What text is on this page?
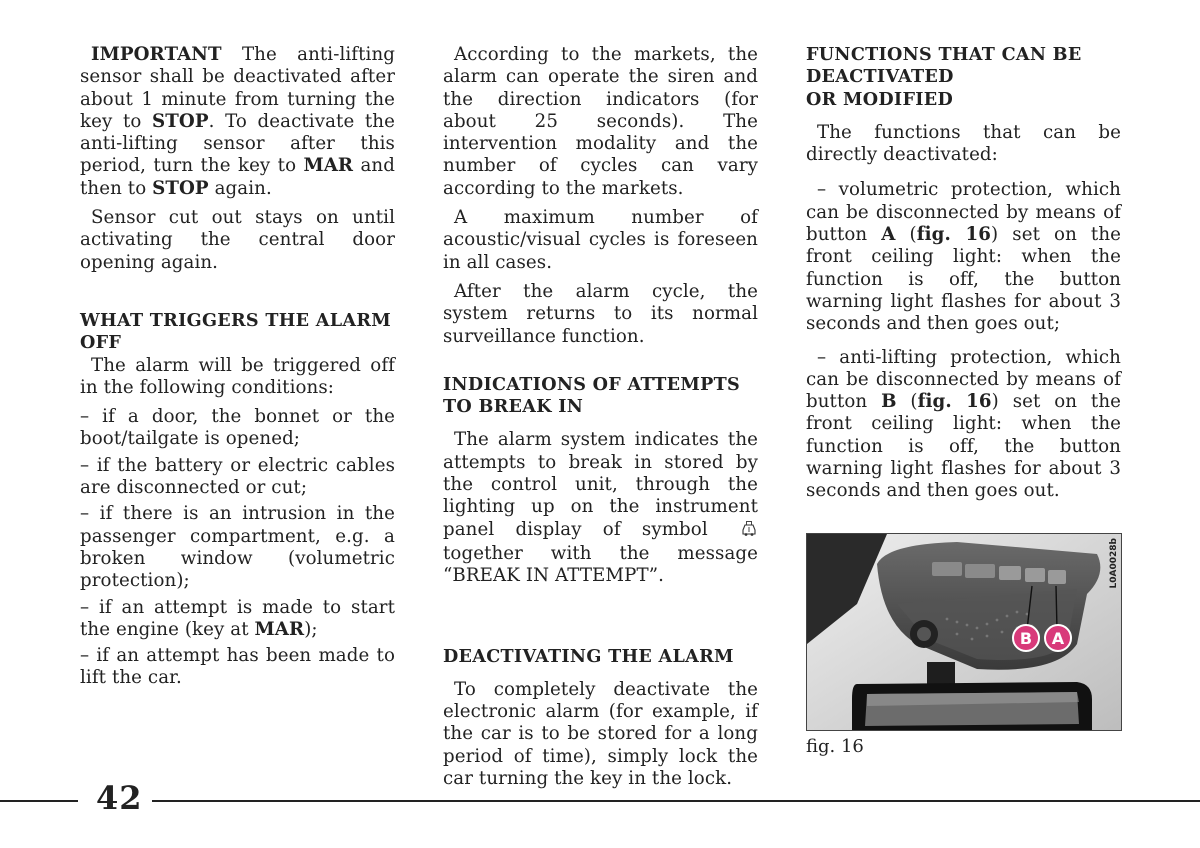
IMPORTANT The anti-lifting sensor shall be deactivated after about 1 minute from turning the key to STOP. To deactivate the anti-lifting sensor after this period, turn the key to MAR and then to STOP again.

Sensor cut out stays on until activating the central door opening again.

WHAT TRIGGERS THE ALARM
OFF

The alarm will be triggered off in the following conditions:

– if a door, the bonnet or the boot/tailgate is opened;

– if the battery or electric cables are disconnected or cut;

– if there is an intrusion in the passenger compartment, e.g. a broken window (volumetric protection);

– if an attempt is made to start the engine (key at MAR);

– if an attempt has been made to lift the car.

According to the markets, the alarm can operate the siren and the direction indicators (for about 25 seconds). The intervention modality and the number of cycles can vary according to the markets.

A maximum number of acoustic/visual cycles is foreseen in all cases.

After the alarm cycle, the system returns to its normal surveillance function.

INDICATIONS OF ATTEMPTS
TO BREAK IN

The alarm system indicates the attempts to break in stored by the control unit, through the lighting up on the instrument panel display of symbol  together with the message “BREAK IN ATTEMPT”.

DEACTIVATING THE ALARM

To completely deactivate the electronic alarm (for example, if the car is to be stored for a long period of time), simply lock the car turning the key in the lock.

FUNCTIONS THAT CAN BE
DEACTIVATED
OR MODIFIED

The functions that can be directly deactivated:

– volumetric protection, which can be disconnected by means of button A (fig. 16) set on the front ceiling light: when the function is off, the button warning light flashes for about 3 seconds and then goes out;

– anti-lifting protection, which can be disconnected by means of button B (fig. 16) set on the front ceiling light: when the function is off, the button warning light flashes for about 3 seconds and then goes out.

B A
L0A0028b
fig. 16
42
